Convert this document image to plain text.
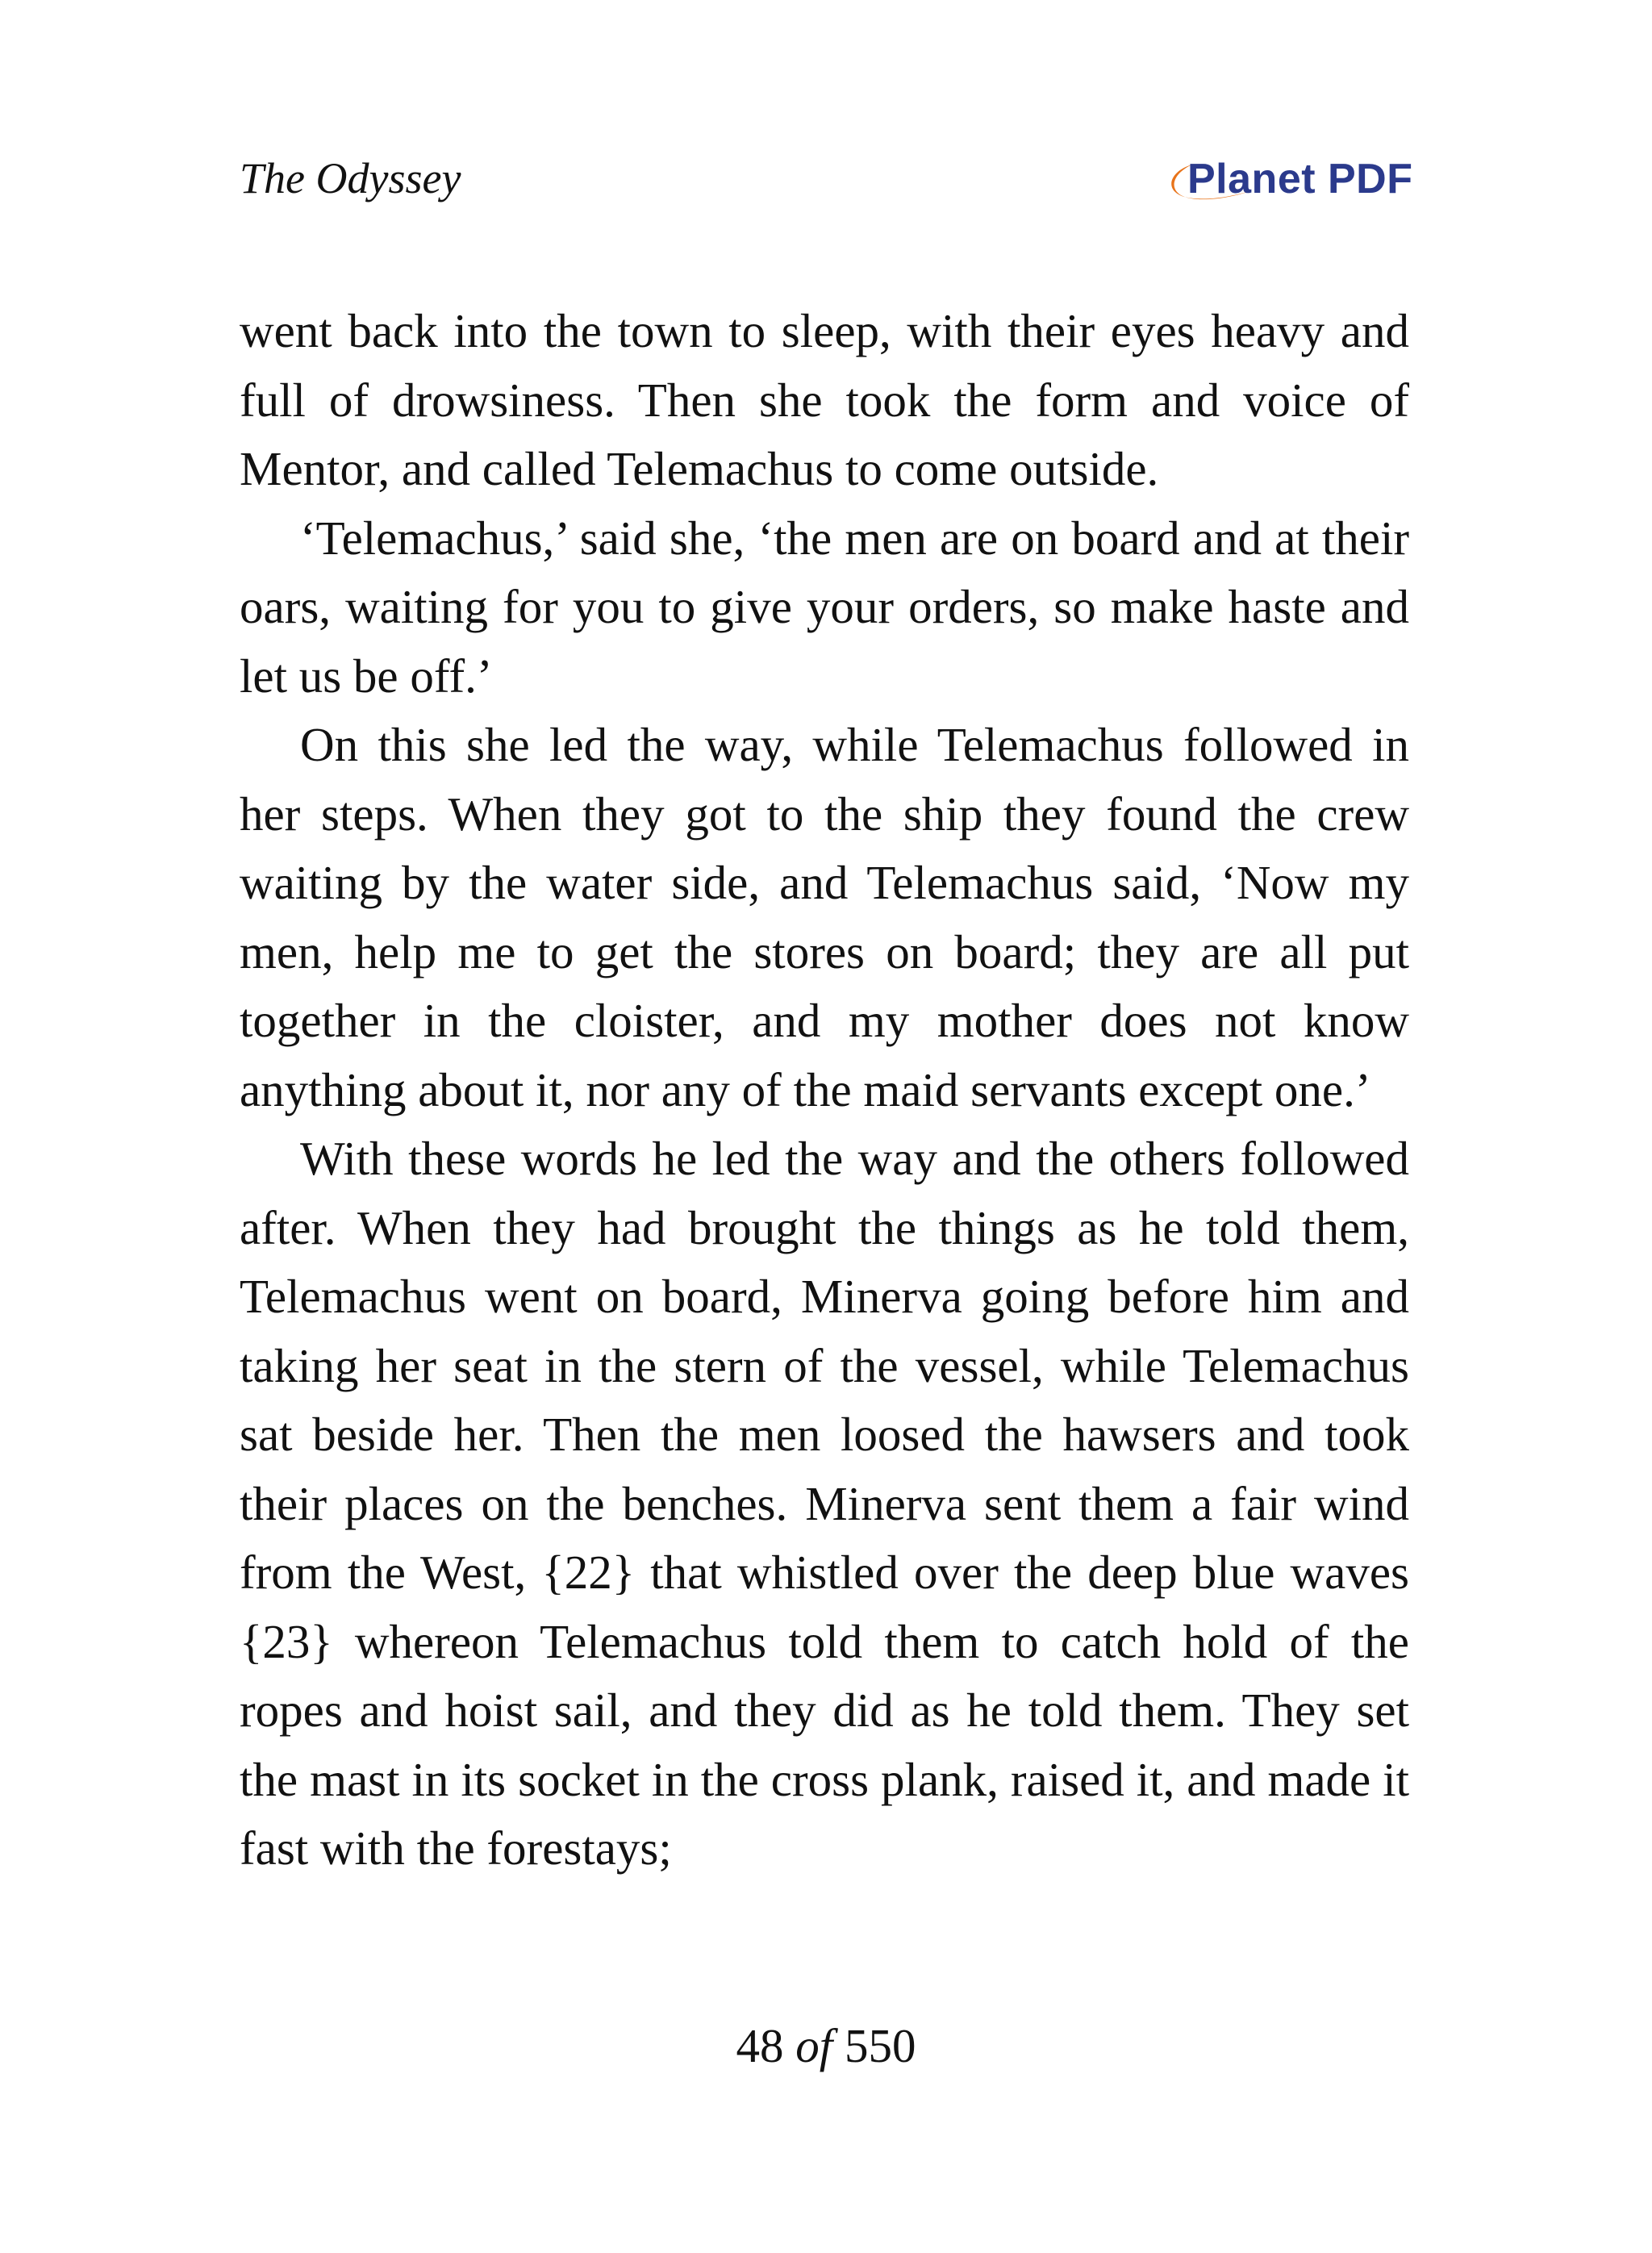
The Odyssey	Planet PDF

went back into the town to sleep, with their eyes heavy and full of drowsiness. Then she took the form and voice of Mentor, and called Telemachus to come outside.

‘Telemachus,’ said she, ‘the men are on board and at their oars, waiting for you to give your orders, so make haste and let us be off.’

On this she led the way, while Telemachus followed in her steps. When they got to the ship they found the crew waiting by the water side, and Telemachus said, ‘Now my men, help me to get the stores on board; they are all put together in the cloister, and my mother does not know anything about it, nor any of the maid servants except one.’

With these words he led the way and the others followed after. When they had brought the things as he told them, Telemachus went on board, Minerva going before him and taking her seat in the stern of the vessel, while Telemachus sat beside her. Then the men loosed the hawsers and took their places on the benches. Minerva sent them a fair wind from the West, {22} that whistled over the deep blue waves {23} whereon Telemachus told them to catch hold of the ropes and hoist sail, and they did as he told them. They set the mast in its socket in the cross plank, raised it, and made it fast with the forestays;

48 of 550
